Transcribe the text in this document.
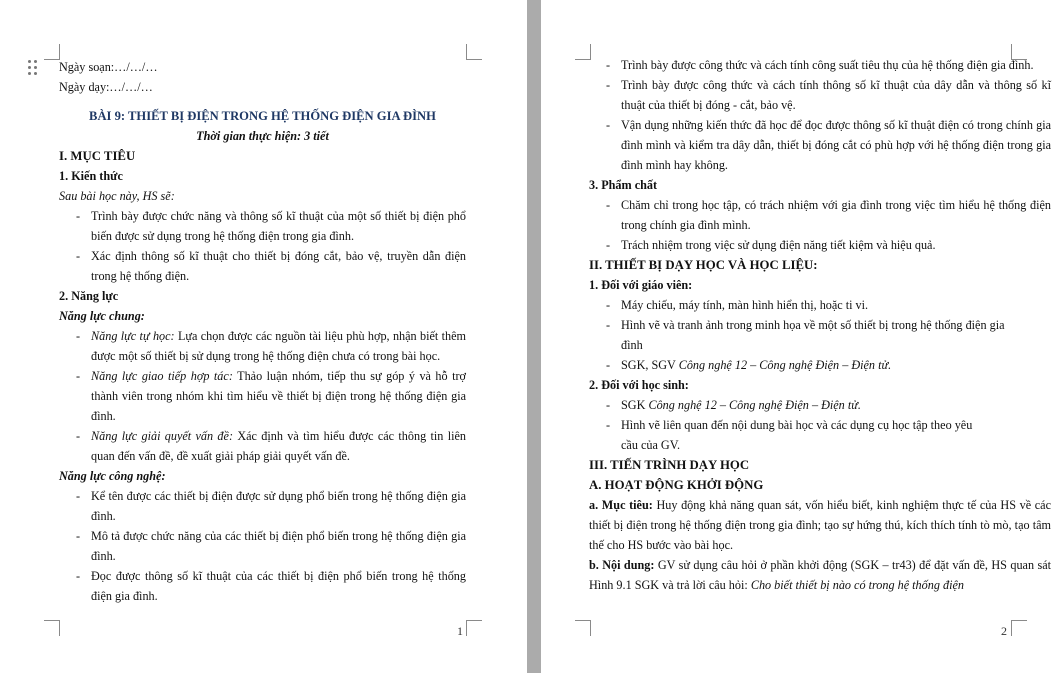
Ngày soạn:…/…/…
Ngày dạy:…/…/…
BÀI 9: THIẾT BỊ ĐIỆN TRONG HỆ THỐNG ĐIỆN GIA ĐÌNH
Thời gian thực hiện: 3 tiết
I. MỤC TIÊU
1. Kiến thức
Sau bài học này, HS sẽ:
- Trình bày được chức năng và thông số kĩ thuật của một số thiết bị điện phổ biến được sử dụng trong hệ thống điện trong gia đình.
- Xác định thông số kĩ thuật cho thiết bị đóng cắt, bảo vệ, truyền dẫn điện trong hệ thống điện.
2. Năng lực
Năng lực chung:
- Năng lực tự học: Lựa chọn được các nguồn tài liệu phù hợp, nhận biết thêm được một số thiết bị sử dụng trong hệ thống điện chưa có trong bài học.
- Năng lực giao tiếp hợp tác: Thảo luận nhóm, tiếp thu sự góp ý và hỗ trợ thành viên trong nhóm khi tìm hiểu về thiết bị điện trong hệ thống điện gia đình.
- Năng lực giải quyết vấn đề: Xác định và tìm hiểu được các thông tin liên quan đến vấn đề, đề xuất giải pháp giải quyết vấn đề.
Năng lực công nghệ:
- Kể tên được các thiết bị điện được sử dụng phổ biến trong hệ thống điện gia đình.
- Mô tả được chức năng của các thiết bị điện phổ biến trong hệ thống điện gia đình.
- Đọc được thông số kĩ thuật của các thiết bị điện phổ biến trong hệ thống điện gia đình.
1
- Trình bày được công thức và cách tính công suất tiêu thụ của hệ thống điện gia đình.
- Trình bày được công thức và cách tính thông số kĩ thuật của dây dẫn và thông số kĩ thuật của thiết bị đóng - cắt, bảo vệ.
- Vận dụng những kiến thức đã học để đọc được thông số kĩ thuật điện có trong chính gia đình mình và kiểm tra dây dẫn, thiết bị đóng cắt có phù hợp với hệ thống điện trong gia đình mình hay không.
3. Phẩm chất
- Chăm chỉ trong học tập, có trách nhiệm với gia đình trong việc tìm hiểu hệ thống điện trong chính gia đình mình.
- Trách nhiệm trong việc sử dụng điện năng tiết kiệm và hiệu quả.
II. THIẾT BỊ DẠY HỌC VÀ HỌC LIỆU:
1. Đối với giáo viên:
- Máy chiếu, máy tính, màn hình hiển thị, hoặc ti vi.
- Hình vẽ và tranh ảnh trong minh họa về một số thiết bị trong hệ thống điện gia đình
- SGK, SGV Công nghệ 12 – Công nghệ Điện – Điện tử.
2. Đối với học sinh:
- SGK Công nghệ 12 – Công nghệ Điện – Điện tử.
- Hình vẽ liên quan đến nội dung bài học và các dụng cụ học tập theo yêu cầu của GV.
III. TIẾN TRÌNH DẠY HỌC
A. HOẠT ĐỘNG KHỞI ĐỘNG
a. Mục tiêu: Huy động khả năng quan sát, vốn hiểu biết, kinh nghiệm thực tế của HS về các thiết bị điện trong hệ thống điện trong gia đình; tạo sự hứng thú, kích thích tính tò mò, tạo tâm thế cho HS bước vào bài học.
b. Nội dung: GV sử dụng câu hỏi ở phần khởi động (SGK – tr43) để đặt vấn đề, HS quan sát Hình 9.1 SGK và trả lời câu hỏi: Cho biết thiết bị nào có trong hệ thống điện
2
